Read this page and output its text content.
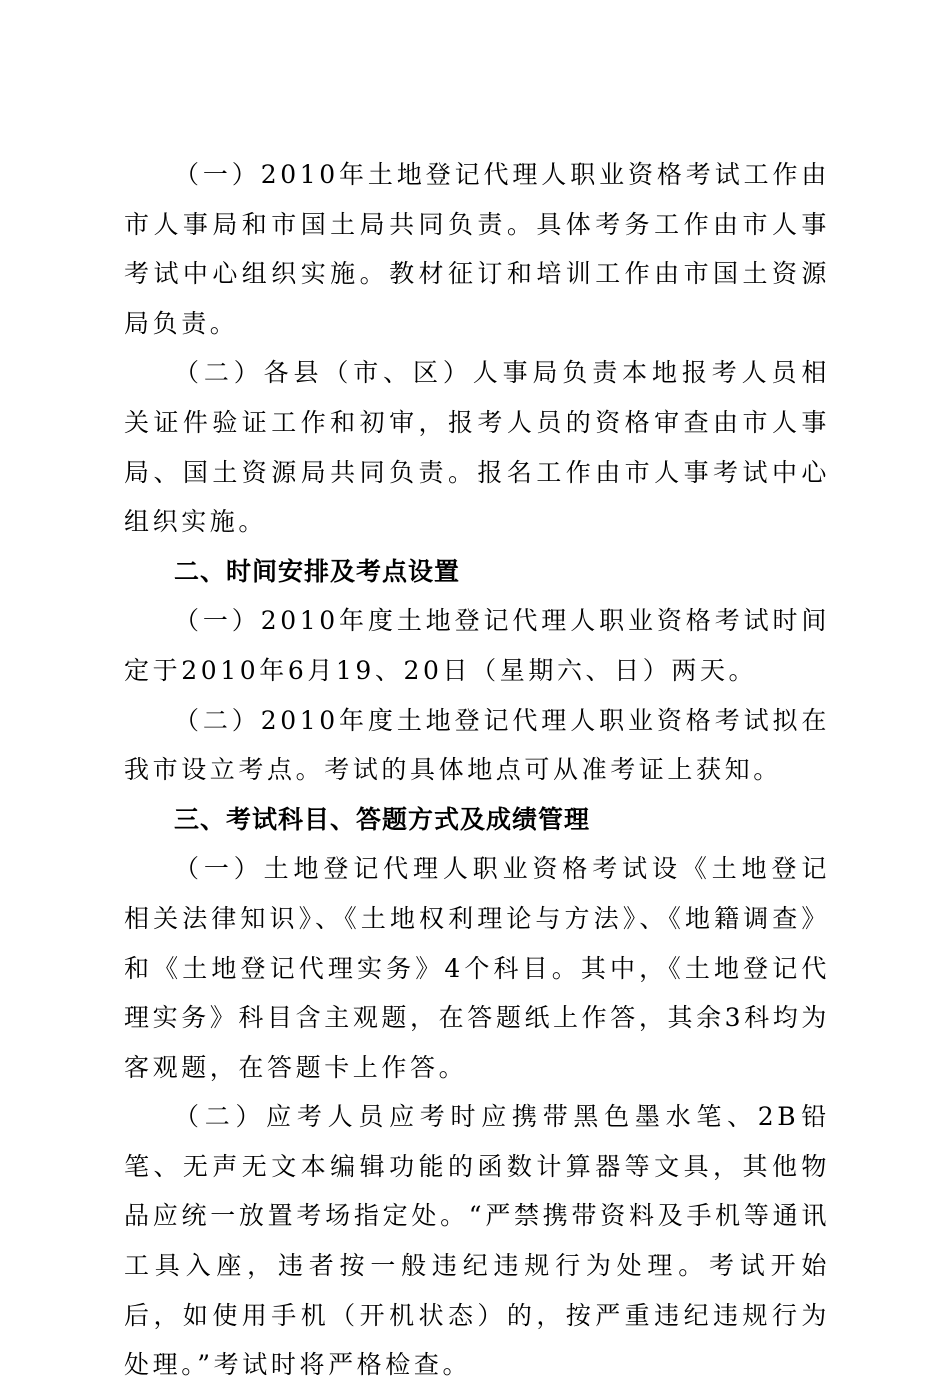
（一）2010年土地登记代理人职业资格考试工作由市人事局和市国土局共同负责。具体考务工作由市人事考试中心组织实施。教材征订和培训工作由市国土资源局负责。

（二）各县（市、区）人事局负责本地报考人员相关证件验证工作和初审，报考人员的资格审查由市人事局、国土资源局共同负责。报名工作由市人事考试中心组织实施。

二、时间安排及考点设置

（一）2010年度土地登记代理人职业资格考试时间定于2010年6月19、20日（星期六、日）两天。

（二）2010年度土地登记代理人职业资格考试拟在我市设立考点。考试的具体地点可从准考证上获知。

三、考试科目、答题方式及成绩管理

（一）土地登记代理人职业资格考试设《土地登记相关法律知识》、《土地权利理论与方法》、《地籍调查》和《土地登记代理实务》4个科目。其中，《土地登记代理实务》科目含主观题，在答题纸上作答，其余3科均为客观题，在答题卡上作答。

（二）应考人员应考时应携带黑色墨水笔、2B铅笔、无声无文本编辑功能的函数计算器等文具，其他物品应统一放置考场指定处。“严禁携带资料及手机等通讯工具入座，违者按一般违纪违规行为处理。考试开始后，如使用手机（开机状态）的，按严重违纪违规行为处理。”考试时将严格检查。
